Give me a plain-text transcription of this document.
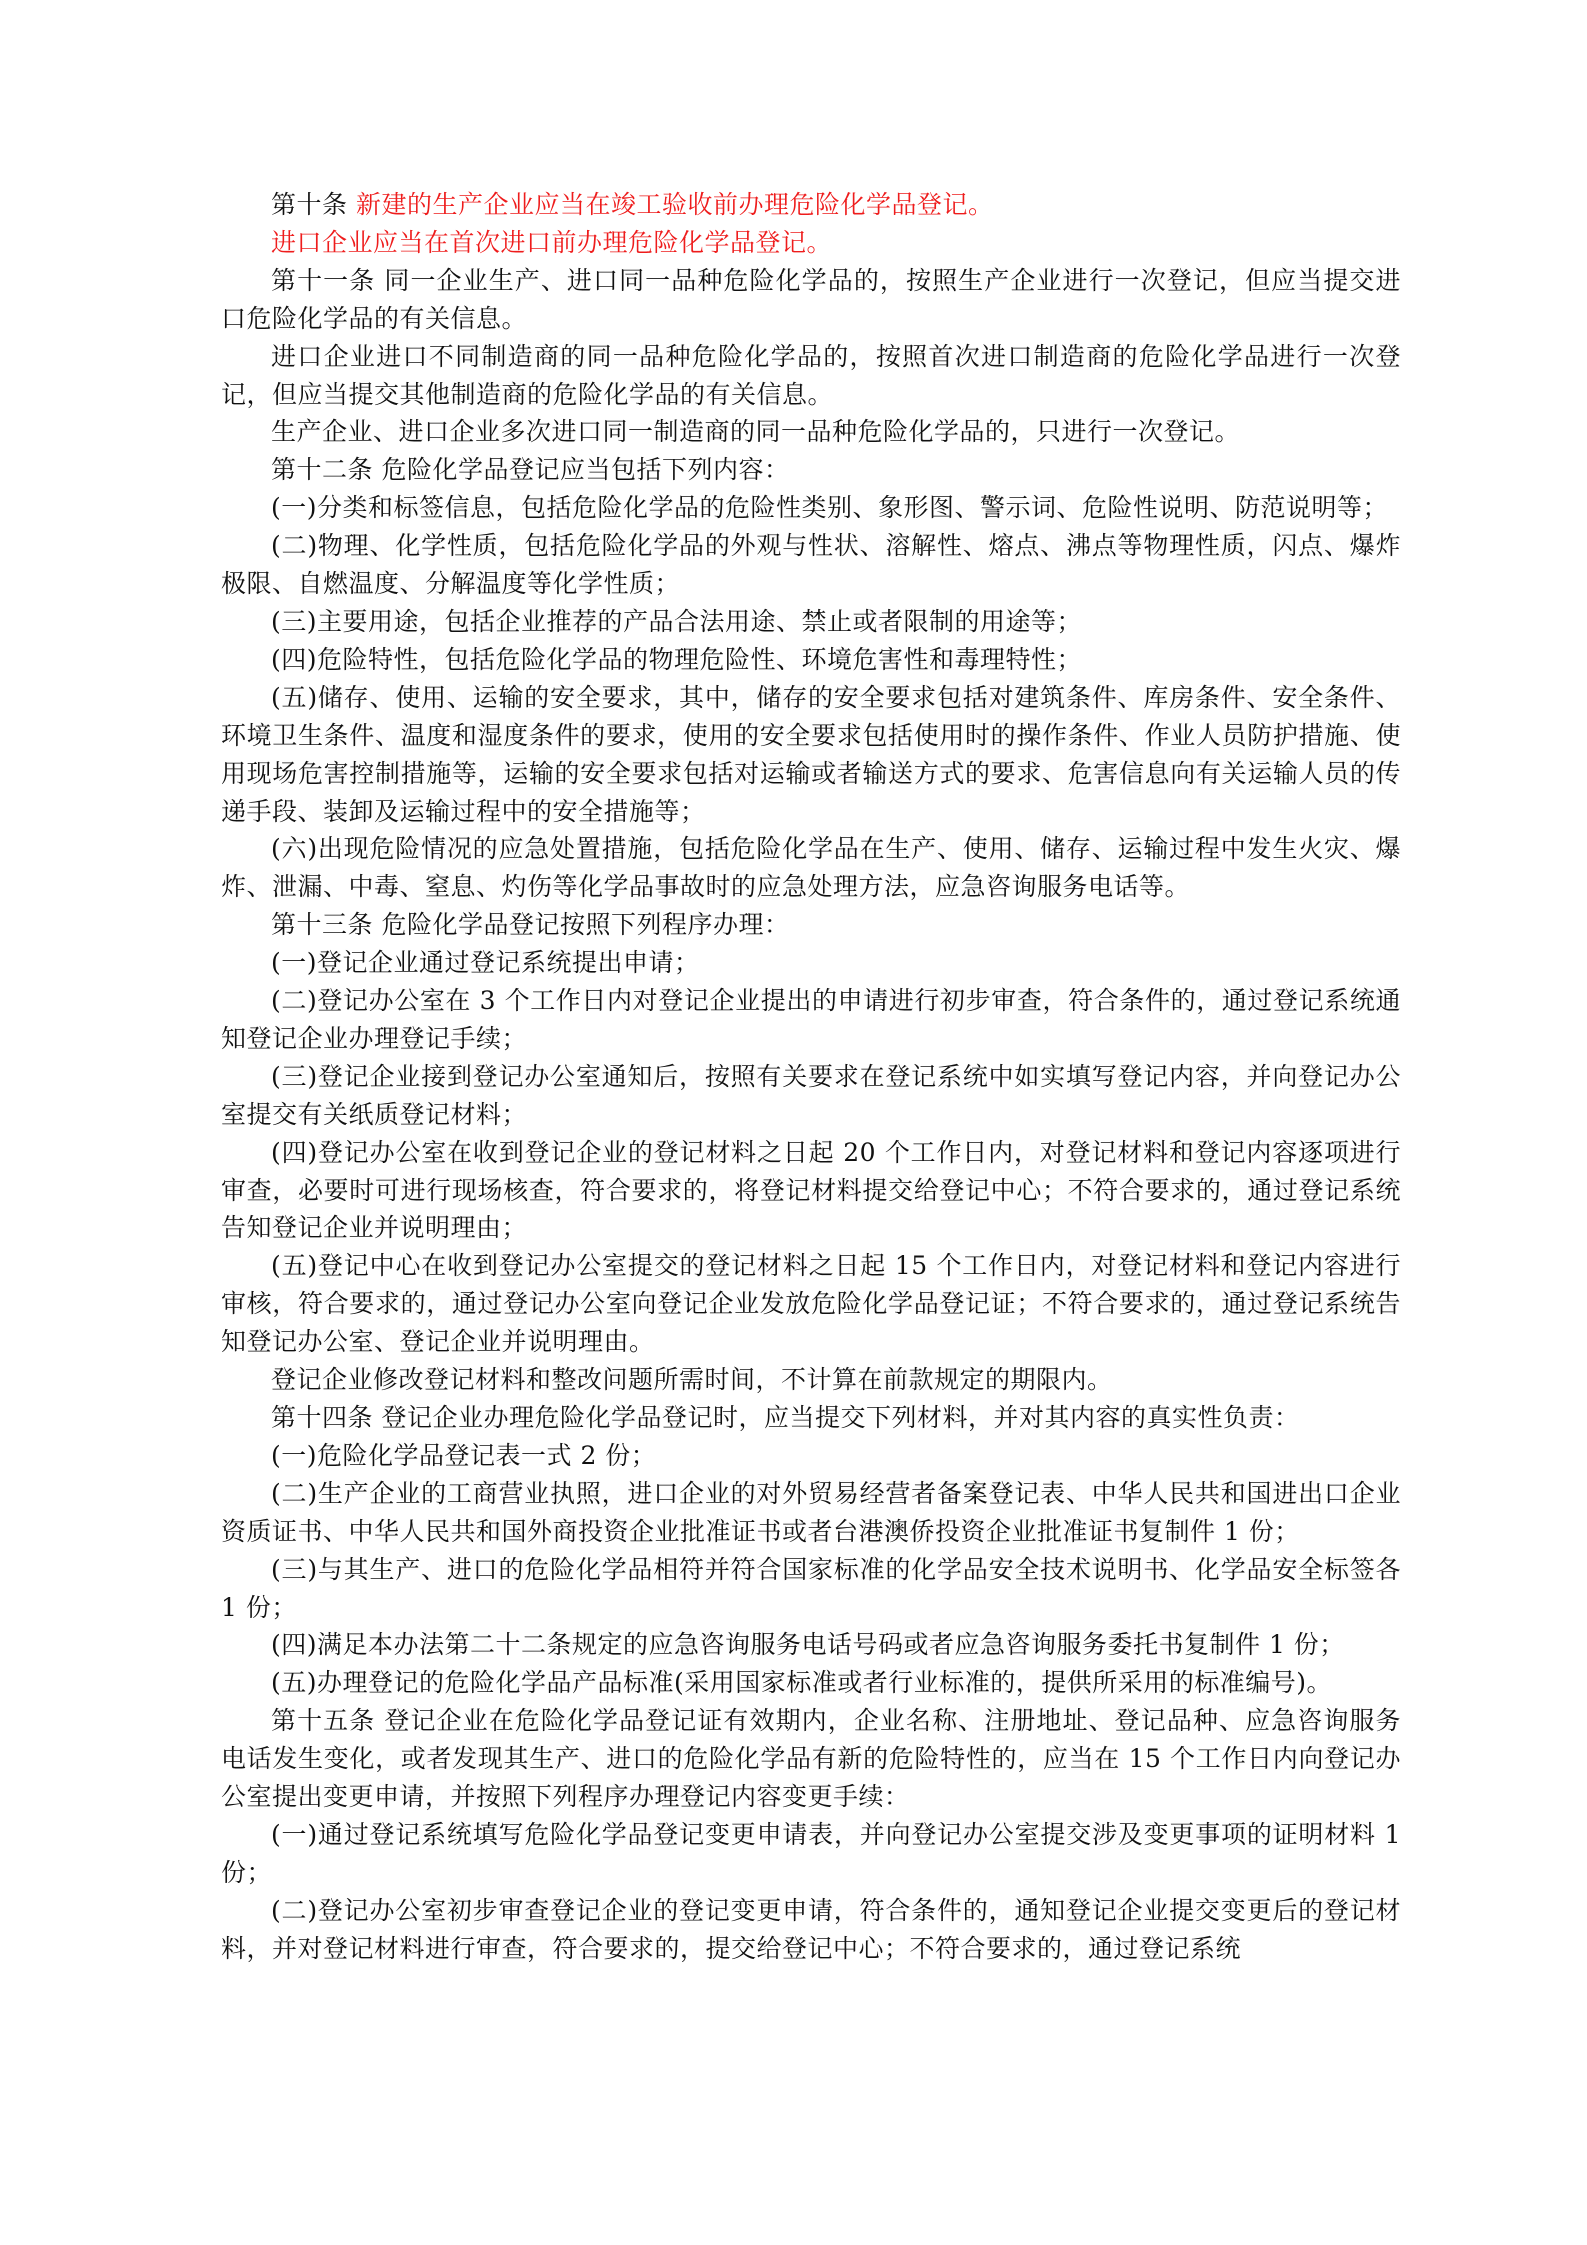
第十条 新建的生产企业应当在竣工验收前办理危险化学品登记。

进口企业应当在首次进口前办理危险化学品登记。

第十一条 同一企业生产、进口同一品种危险化学品的，按照生产企业进行一次登记，但应当提交进口危险化学品的有关信息。

进口企业进口不同制造商的同一品种危险化学品的，按照首次进口制造商的危险化学品进行一次登记，但应当提交其他制造商的危险化学品的有关信息。

生产企业、进口企业多次进口同一制造商的同一品种危险化学品的，只进行一次登记。

第十二条 危险化学品登记应当包括下列内容：

(一)分类和标签信息，包括危险化学品的危险性类别、象形图、警示词、危险性说明、防范说明等；

(二)物理、化学性质，包括危险化学品的外观与性状、溶解性、熔点、沸点等物理性质，闪点、爆炸极限、自燃温度、分解温度等化学性质；

(三)主要用途，包括企业推荐的产品合法用途、禁止或者限制的用途等；

(四)危险特性，包括危险化学品的物理危险性、环境危害性和毒理特性；

(五)储存、使用、运输的安全要求，其中，储存的安全要求包括对建筑条件、库房条件、安全条件、环境卫生条件、温度和湿度条件的要求，使用的安全要求包括使用时的操作条件、作业人员防护措施、使用现场危害控制措施等，运输的安全要求包括对运输或者输送方式的要求、危害信息向有关运输人员的传递手段、装卸及运输过程中的安全措施等；

(六)出现危险情况的应急处置措施，包括危险化学品在生产、使用、储存、运输过程中发生火灾、爆炸、泄漏、中毒、窒息、灼伤等化学品事故时的应急处理方法，应急咨询服务电话等。

第十三条 危险化学品登记按照下列程序办理：

(一)登记企业通过登记系统提出申请；

(二)登记办公室在 3 个工作日内对登记企业提出的申请进行初步审查，符合条件的，通过登记系统通知登记企业办理登记手续；

(三)登记企业接到登记办公室通知后，按照有关要求在登记系统中如实填写登记内容，并向登记办公室提交有关纸质登记材料；

(四)登记办公室在收到登记企业的登记材料之日起 20 个工作日内，对登记材料和登记内容逐项进行审查，必要时可进行现场核查，符合要求的，将登记材料提交给登记中心；不符合要求的，通过登记系统告知登记企业并说明理由；

(五)登记中心在收到登记办公室提交的登记材料之日起 15 个工作日内，对登记材料和登记内容进行审核，符合要求的，通过登记办公室向登记企业发放危险化学品登记证；不符合要求的，通过登记系统告知登记办公室、登记企业并说明理由。

登记企业修改登记材料和整改问题所需时间，不计算在前款规定的期限内。

第十四条 登记企业办理危险化学品登记时，应当提交下列材料，并对其内容的真实性负责：

(一)危险化学品登记表一式 2 份；

(二)生产企业的工商营业执照，进口企业的对外贸易经营者备案登记表、中华人民共和国进出口企业资质证书、中华人民共和国外商投资企业批准证书或者台港澳侨投资企业批准证书复制件 1 份；

(三)与其生产、进口的危险化学品相符并符合国家标准的化学品安全技术说明书、化学品安全标签各 1 份；

(四)满足本办法第二十二条规定的应急咨询服务电话号码或者应急咨询服务委托书复制件 1 份；

(五)办理登记的危险化学品产品标准(采用国家标准或者行业标准的，提供所采用的标准编号)。

第十五条 登记企业在危险化学品登记证有效期内，企业名称、注册地址、登记品种、应急咨询服务电话发生变化，或者发现其生产、进口的危险化学品有新的危险特性的，应当在 15 个工作日内向登记办公室提出变更申请，并按照下列程序办理登记内容变更手续：

(一)通过登记系统填写危险化学品登记变更申请表，并向登记办公室提交涉及变更事项的证明材料 1 份；

(二)登记办公室初步审查登记企业的登记变更申请，符合条件的，通知登记企业提交变更后的登记材料，并对登记材料进行审查，符合要求的，提交给登记中心；不符合要求的，通过登记系统
